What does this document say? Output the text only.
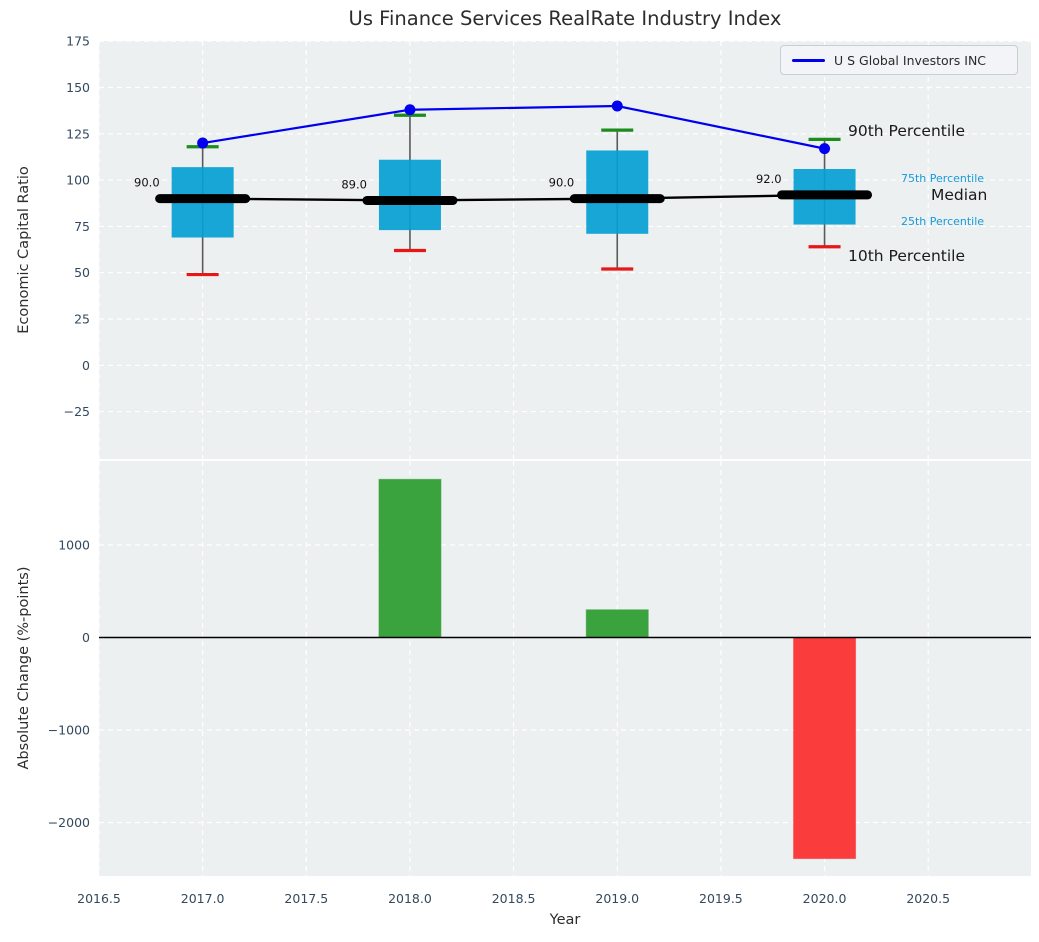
Us Finance Services RealRate Industry Index
90.0	89.0	90.0	92.0
90th Percentile
75th Percentile
Median
25th Percentile
10th Percentile
175
150
125
100
75
50
25
0
−25
1000
0
−1000
−2000
2016.5	2017.0	2017.5	2018.0	2018.5	2019.0	2019.5	2020.0	2020.5
Economic Capital Ratio
Absolute Change (%-points)
Year
U S Global Investors INC
